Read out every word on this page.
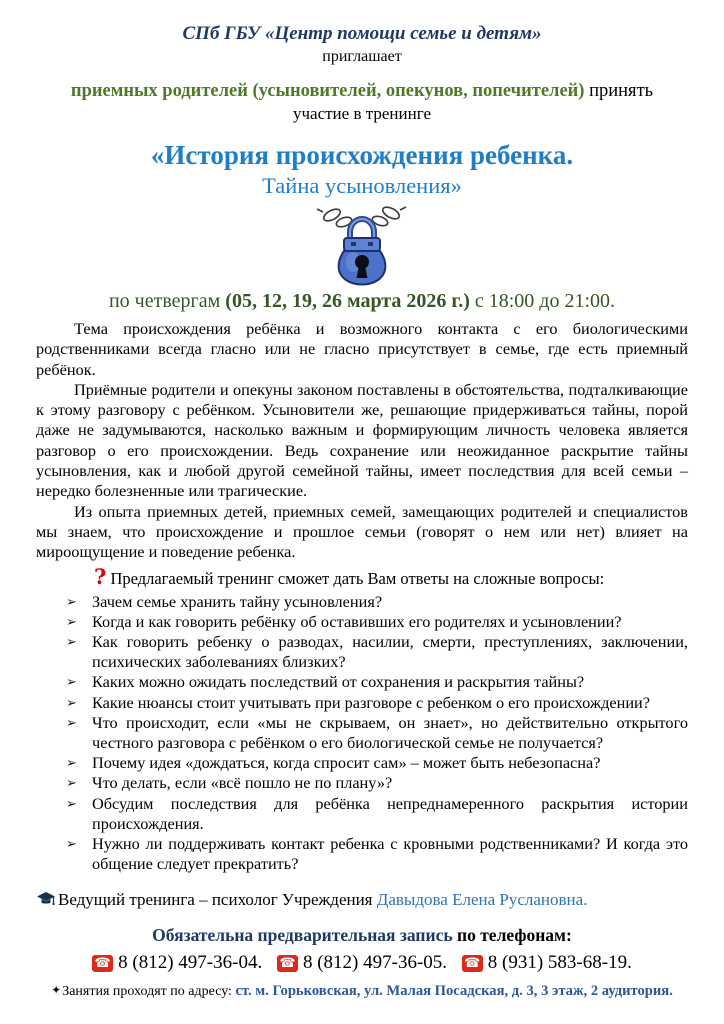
СПб ГБУ «Центр помощи семье и детям»
приглашает
приемных родителей (усыновителей, опекунов, попечителей) принять
участие в тренинге
«История происхождения ребенка.
Тайна усыновления»
по четвергам (05, 12, 19, 26 марта 2026 г.) с 18:00 до 21:00.

Тема происхождения ребёнка и возможного контакта с его биологическими родственниками всегда гласно или не гласно присутствует в семье, где есть приемный ребёнок.

Приёмные родители и опекуны законом поставлены в обстоятельства, подталкивающие к этому разговору с ребёнком. Усыновители же, решающие придерживаться тайны, порой даже не задумываются, насколько важным и формирующим личность человека является разговор о его происхождении. Ведь сохранение или неожиданное раскрытие тайны усыновления, как и любой другой семейной тайны, имеет последствия для всей семьи – нередко болезненные или трагические.

Из опыта приемных детей, приемных семей, замещающих родителей и специалистов мы знаем, что происхождение и прошлое семьи (говорят о нем или нет) влияет на мироощущение и поведение ребенка.

? Предлагаемый тренинг сможет дать Вам ответы на сложные вопросы:
➢ Зачем семье хранить тайну усыновления?
➢ Когда и как говорить ребёнку об оставивших его родителях и усыновлении?
➢ Как говорить ребенку о разводах, насилии, смерти, преступлениях, заключении, психических заболеваниях близких?
➢ Каких можно ожидать последствий от сохранения и раскрытия тайны?
➢ Какие нюансы стоит учитывать при разговоре с ребенком о его происхождении?
➢ Что происходит, если «мы не скрываем, он знает», но действительно открытого честного разговора с ребёнком о его биологической семье не получается?
➢ Почему идея «дождаться, когда спросит сам» – может быть небезопасна?
➢ Что делать, если «всё пошло не по плану»?
➢ Обсудим последствия для ребёнка непреднамеренного раскрытия истории происхождения.
➢ Нужно ли поддерживать контакт ребенка с кровными родственниками? И когда это общение следует прекратить?
Ведущий тренинга – психолог Учреждения Давыдова Елена Руслановна.
Обязательна предварительная запись по телефонам:
☎ 8 (812) 497-36-04. ☎ 8 (812) 497-36-05. ☎ 8 (931) 583-68-19.
✦Занятия проходят по адресу: ст. м. Горьковская, ул. Малая Посадская, д. 3, 3 этаж, 2 аудитория.
